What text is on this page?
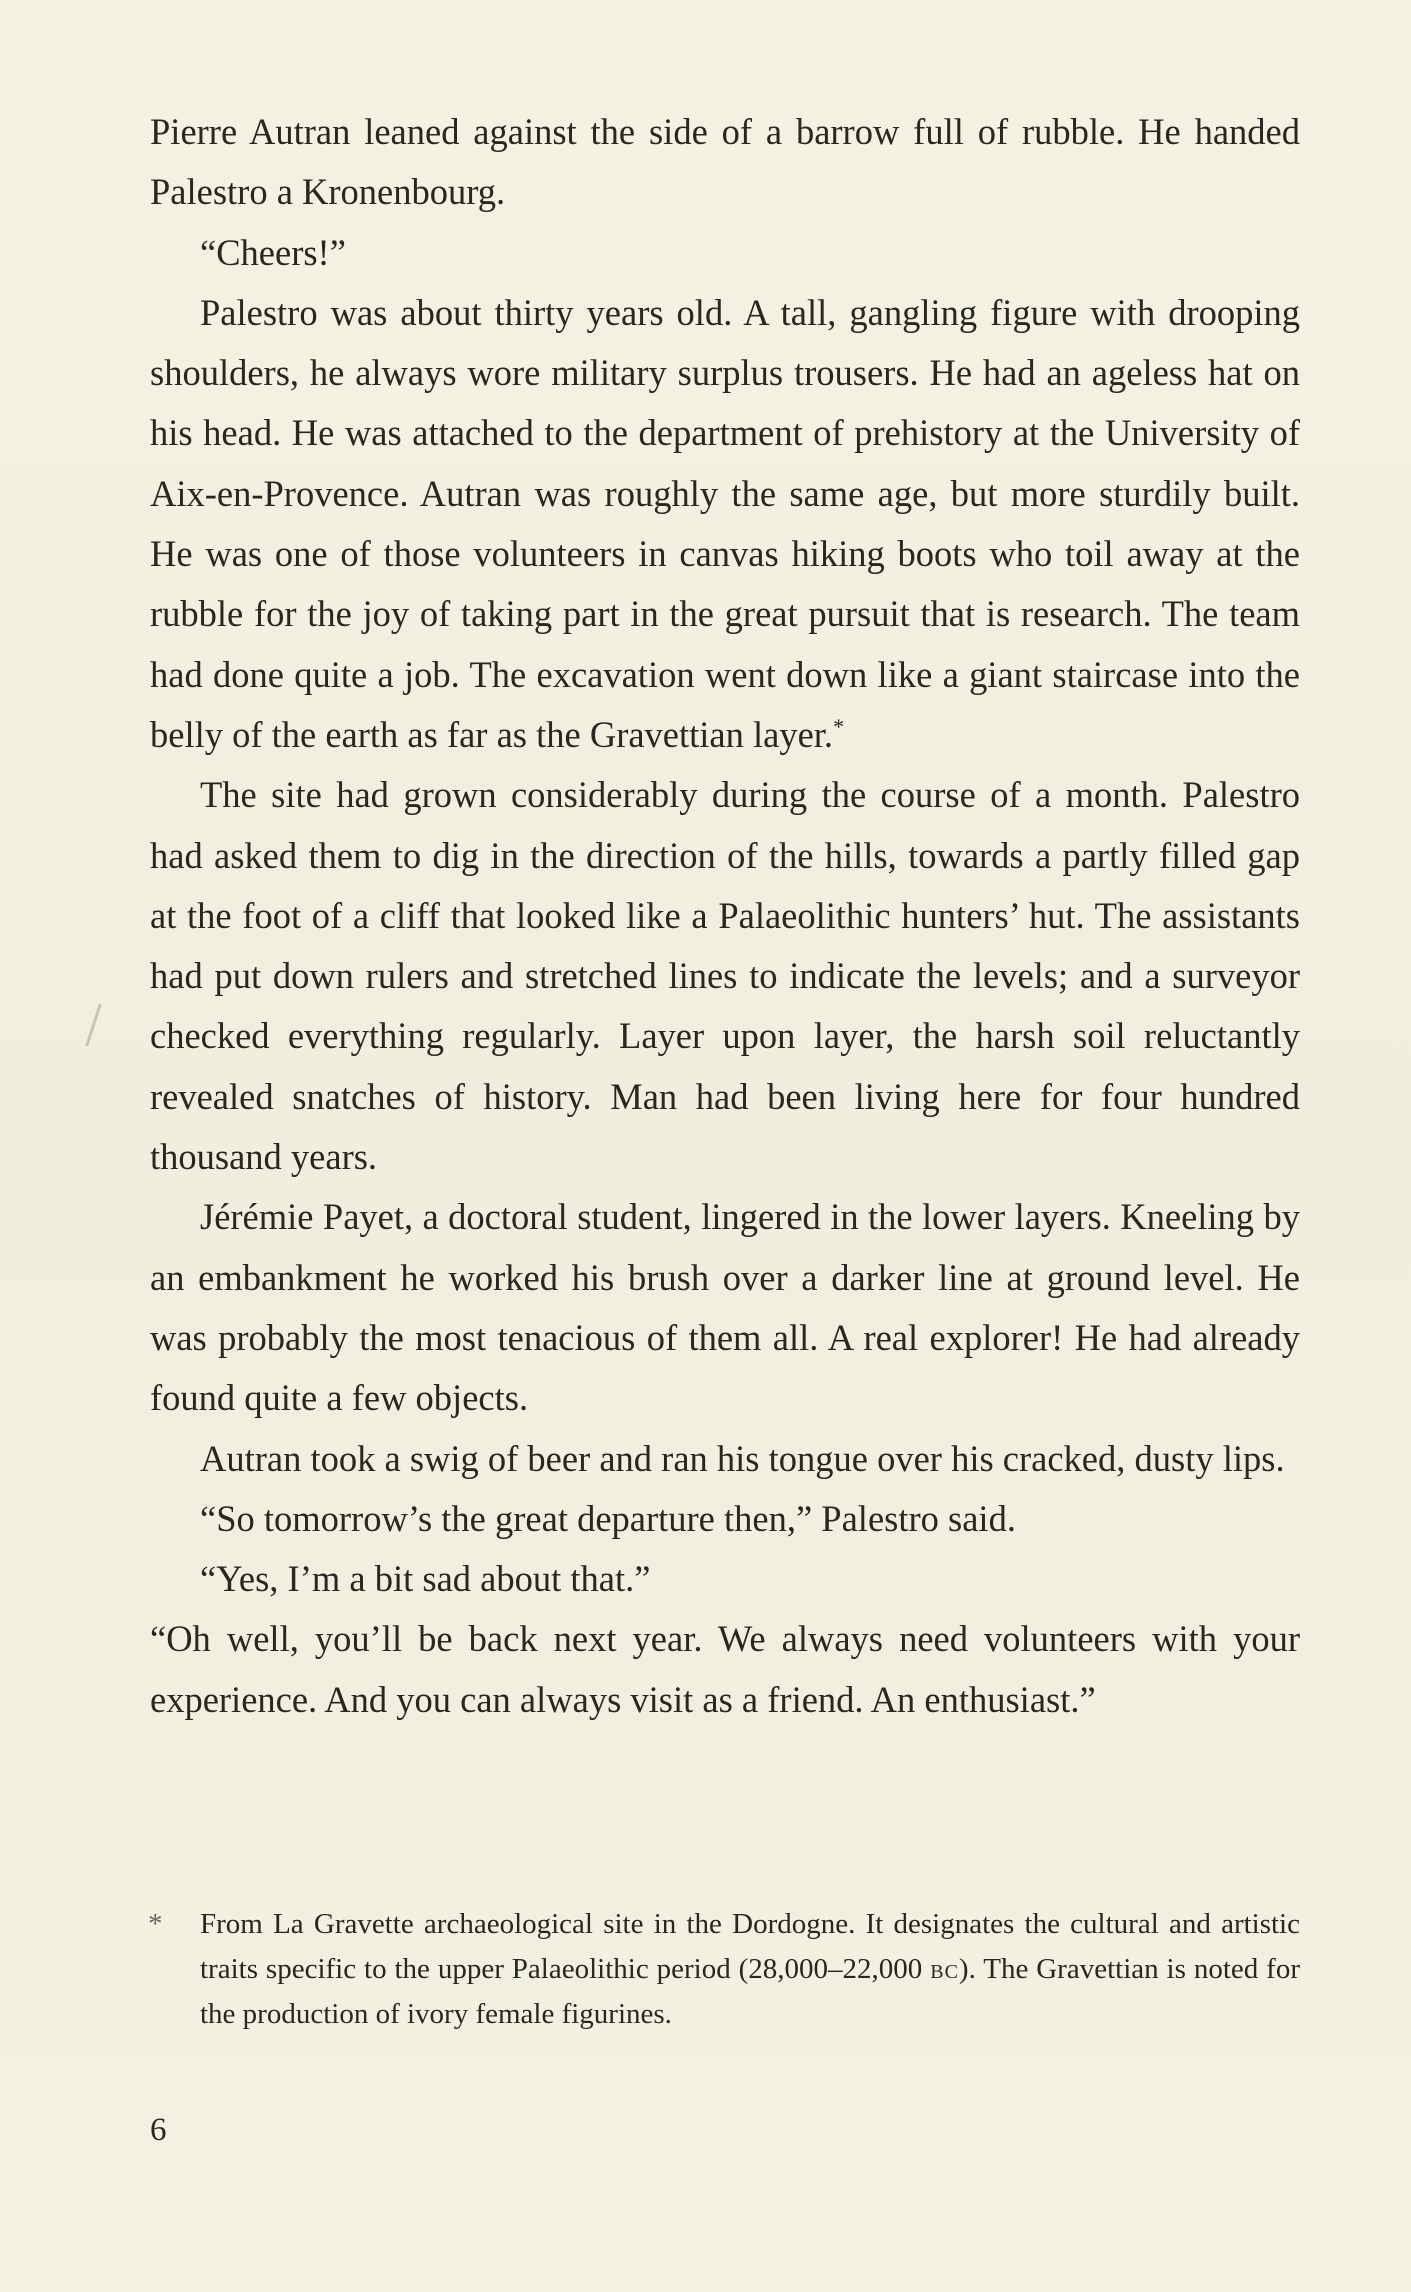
Pierre Autran leaned against the side of a barrow full of rubble. He handed Palestro a Kronenbourg.

“Cheers!”

Palestro was about thirty years old. A tall, gangling figure with drooping shoulders, he always wore military surplus trousers. He had an ageless hat on his head. He was attached to the department of prehistory at the University of Aix-en-Provence. Autran was roughly the same age, but more sturdily built. He was one of those volunteers in canvas hiking boots who toil away at the rubble for the joy of taking part in the great pursuit that is research. The team had done quite a job. The excavation went down like a giant staircase into the belly of the earth as far as the Gravettian layer.*

The site had grown considerably during the course of a month. Palestro had asked them to dig in the direction of the hills, towards a partly filled gap at the foot of a cliff that looked like a Palaeolithic hunters’ hut. The assistants had put down rulers and stretched lines to indicate the levels; and a surveyor checked everything regularly. Layer upon layer, the harsh soil reluctantly revealed snatches of history. Man had been living here for four hundred thousand years.

Jérémie Payet, a doctoral student, lingered in the lower layers. Kneeling by an embankment he worked his brush over a darker line at ground level. He was probably the most tenacious of them all. A real explorer! He had already found quite a few objects.

Autran took a swig of beer and ran his tongue over his cracked, dusty lips.

“So tomorrow’s the great departure then,” Palestro said.

“Yes, I’m a bit sad about that.”

“Oh well, you’ll be back next year. We always need volunteers with your experience. And you can always visit as a friend. An enthusiast.”

* From La Gravette archaeological site in the Dordogne. It designates the cultural and artistic traits specific to the upper Palaeolithic period (28,000–22,000 bc). The Gravettian is noted for the production of ivory female figurines.
6
